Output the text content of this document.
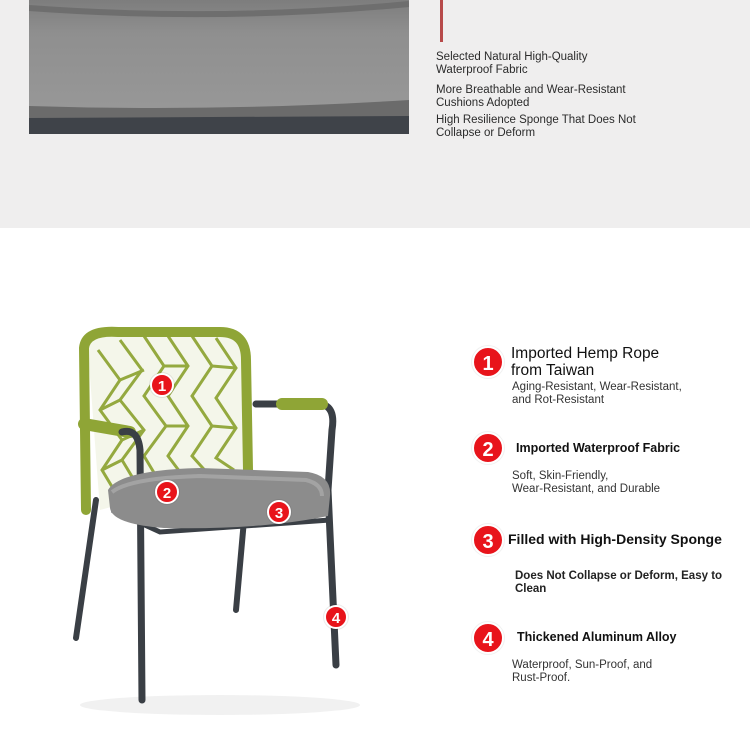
Selected Natural High-Quality
Waterproof Fabric
More Breathable and Wear-Resistant
Cushions Adopted
High Resilience Sponge That Does Not
Collapse or Deform
1
2
3
4
1	Imported Hemp Rope
from Taiwan
Aging-Resistant, Wear-Resistant,
and Rot-Resistant
2	Imported Waterproof Fabric
Soft, Skin-Friendly,
Wear-Resistant, and Durable
3	Filled with High-Density Sponge
Does Not Collapse or Deform, Easy to Clean
4	Thickened Aluminum Alloy
Waterproof, Sun-Proof, and
Rust-Proof.
